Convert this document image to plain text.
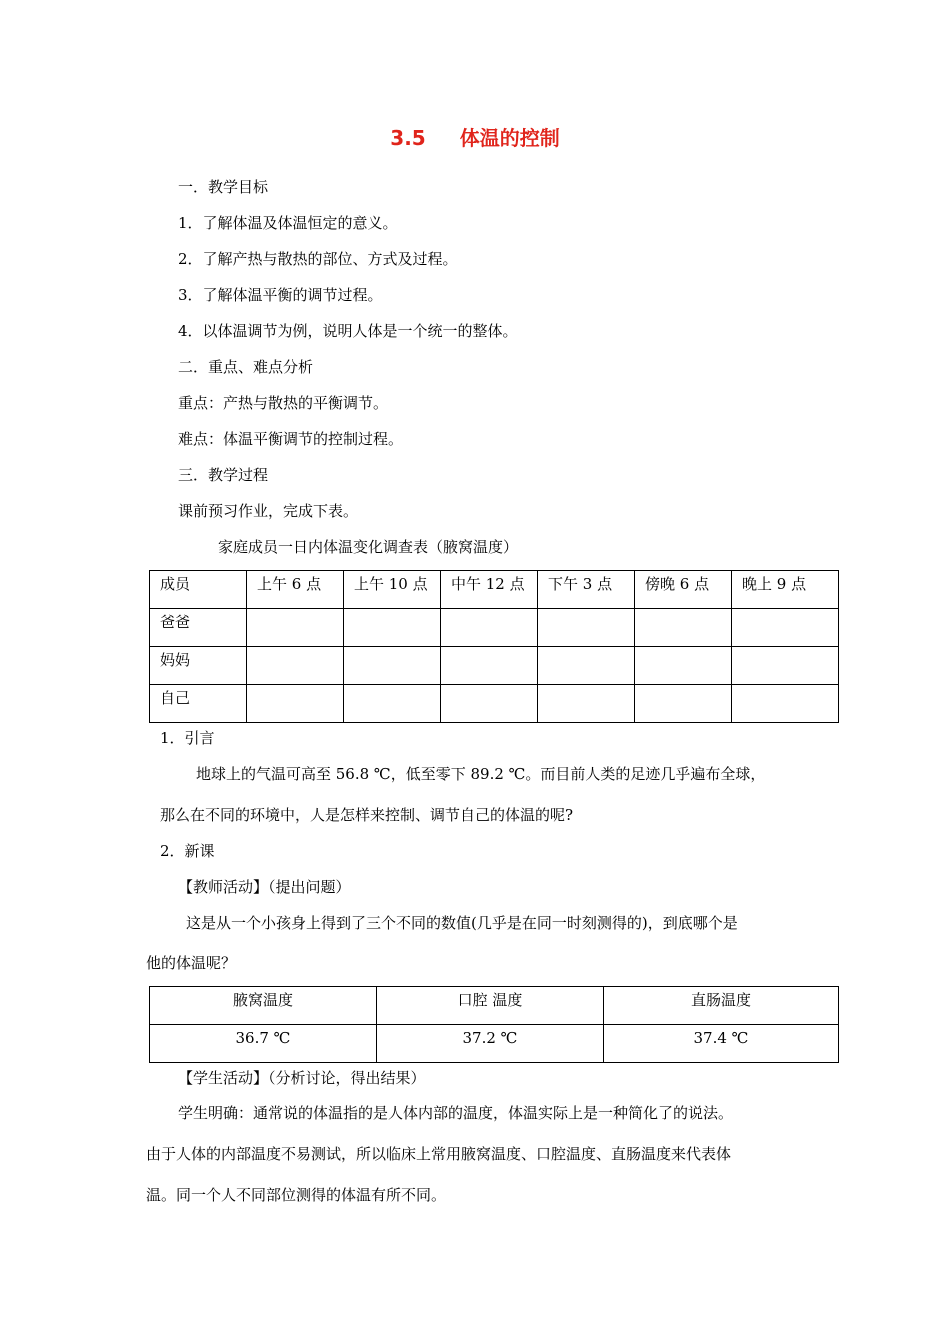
3.5 体温的控制
一．教学目标
1．了解体温及体温恒定的意义。
2．了解产热与散热的部位、方式及过程。
3．了解体温平衡的调节过程。
4．以体温调节为例，说明人体是一个统一的整体。
二．重点、难点分析
重点：产热与散热的平衡调节。
难点：体温平衡调节的控制过程。
三．教学过程
课前预习作业，完成下表。
家庭成员一日内体温变化调查表（腋窝温度）
成员	上午 6 点	上午 10 点	中午 12 点	下午 3 点	傍晚 6 点	晚上 9 点
爸爸						
妈妈						
自己						
1．引言
地球上的气温可高至 56.8 ℃，低至零下 89.2 ℃。而目前人类的足迹几乎遍布全球，
那么在不同的环境中，人是怎样来控制、调节自己的体温的呢?
2．新课
【教师活动】（提出问题）
这是从一个小孩身上得到了三个不同的数值(几乎是在同一时刻测得的)，到底哪个是
他的体温呢？
腋窝温度	口腔 温度	直肠温度
36.7 ℃	37.2 ℃	37.4 ℃
【学生活动】（分析讨论，得出结果）
学生明确：通常说的体温指的是人体内部的温度，体温实际上是一种简化了的说法。
由于人体的内部温度不易测试，所以临床上常用腋窝温度、口腔温度、直肠温度来代表体
温。同一个人不同部位测得的体温有所不同。
